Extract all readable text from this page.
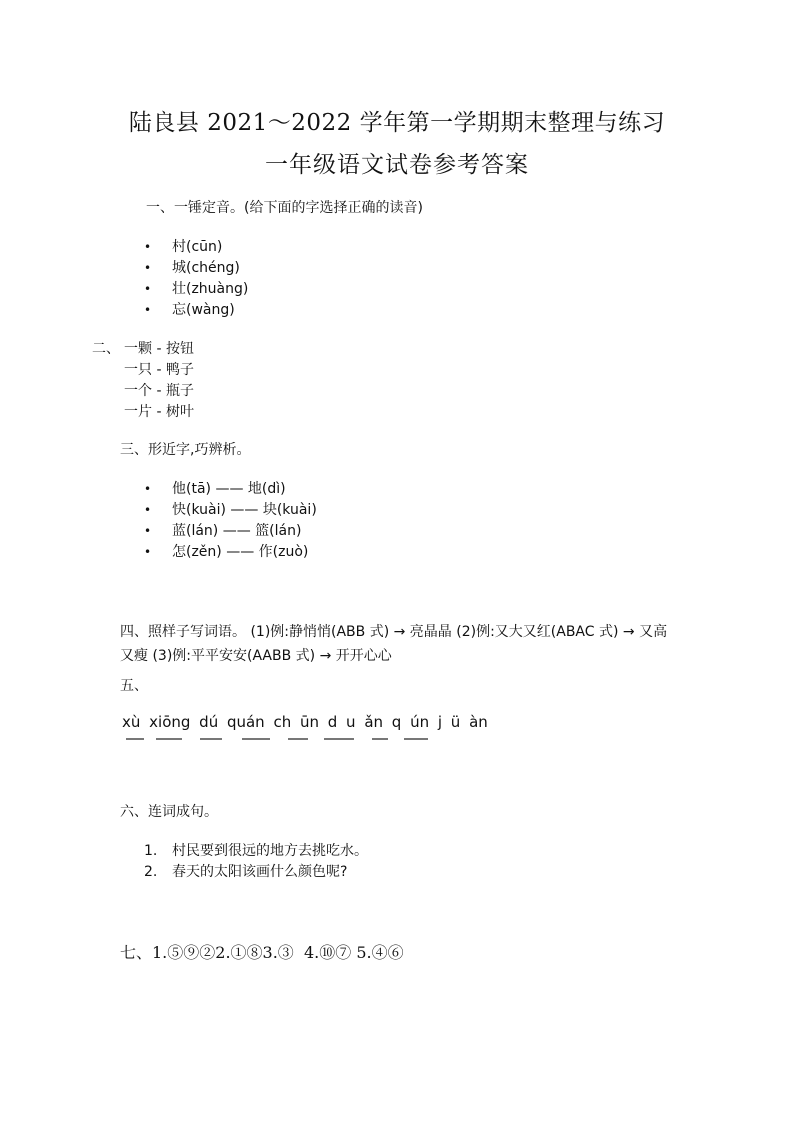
陆良县 2021～2022 学年第一学期期末整理与练习
一年级语文试卷参考答案
一、一锤定音。(给下面的字选择正确的读音)
• 村(cūn)
• 城(chéng)
• 壮(zhuàng)
• 忘(wàng)
二、 一颗 - 按钮
一只 - 鸭子
一个 - 瓶子
一片 - 树叶
三、形近字,巧辨析。
• 他(tā) —— 地(dì)
• 快(kuài) —— 块(kuài)
• 蓝(lán) —— 篮(lán)
• 怎(zěn) —— 作(zuò)
四、照样子写词语。 (1)例:静悄悄(ABB 式) → 亮晶晶 (2)例:又大又红(ABAC 式) → 又高又瘦 (3)例:平平安安(AABB 式) → 开开心心
五、
xù xiōng dú quán ch ūn d u ǎn q ún j ü àn
六、连词成句。
1. 村民要到很远的地方去挑吃水。
2. 春天的太阳该画什么颜色呢?
七、1.⑤⑨②2.①⑧3.③  4.⑩⑦ 5.④⑥
